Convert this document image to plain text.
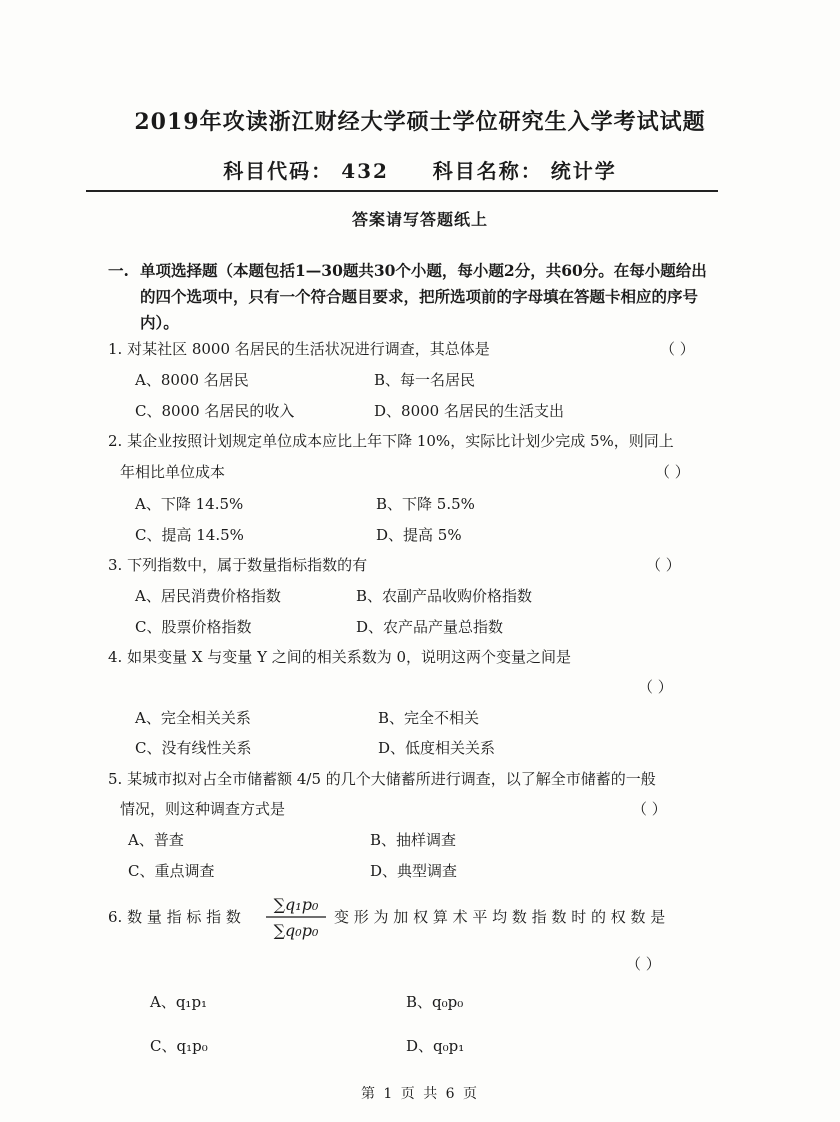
2019年攻读浙江财经大学硕士学位研究生入学考试试题
科目代码： 432 科目名称： 统计学
答案请写答题纸上
一. 单项选择题（本题包括1—30题共30个小题，每小题2分，共60分。在每小题给出的四个选项中，只有一个符合题目要求，把所选项前的字母填在答题卡相应的序号内）。
1. 对某社区 8000 名居民的生活状况进行调查，其总体是	（ ）
A、8000 名居民	B、每一名居民
C、8000 名居民的收入	D、8000 名居民的生活支出
2. 某企业按照计划规定单位成本应比上年下降 10%，实际比计划少完成 5%，则同上
年相比单位成本	（ ）
A、下降 14.5%	B、下降 5.5%
C、提高 14.5%	D、提高 5%
3. 下列指数中，属于数量指标指数的有	（ ）
A、居民消费价格指数	B、农副产品收购价格指数
C、股票价格指数	D、农产品产量总指数
4. 如果变量 X 与变量 Y 之间的相关系数为 0，说明这两个变量之间是
（ ）
A、完全相关关系	B、完全不相关
C、没有线性关系	D、低度相关关系
5. 某城市拟对占全市储蓄额 4/5 的几个大储蓄所进行调查，以了解全市储蓄的一般
情况，则这种调查方式是	（ ）
A、普查	B、抽样调查
C、重点调查	D、典型调查
6. 数 量 指 标 指 数
∑q₁p₀
∑q₀p₀
变 形 为 加 权 算 术 平 均 数 指 数 时 的 权 数 是
（ ）
A、q₁p₁	B、q₀p₀
C、q₁p₀	D、q₀p₁
第 1 页 共 6 页
